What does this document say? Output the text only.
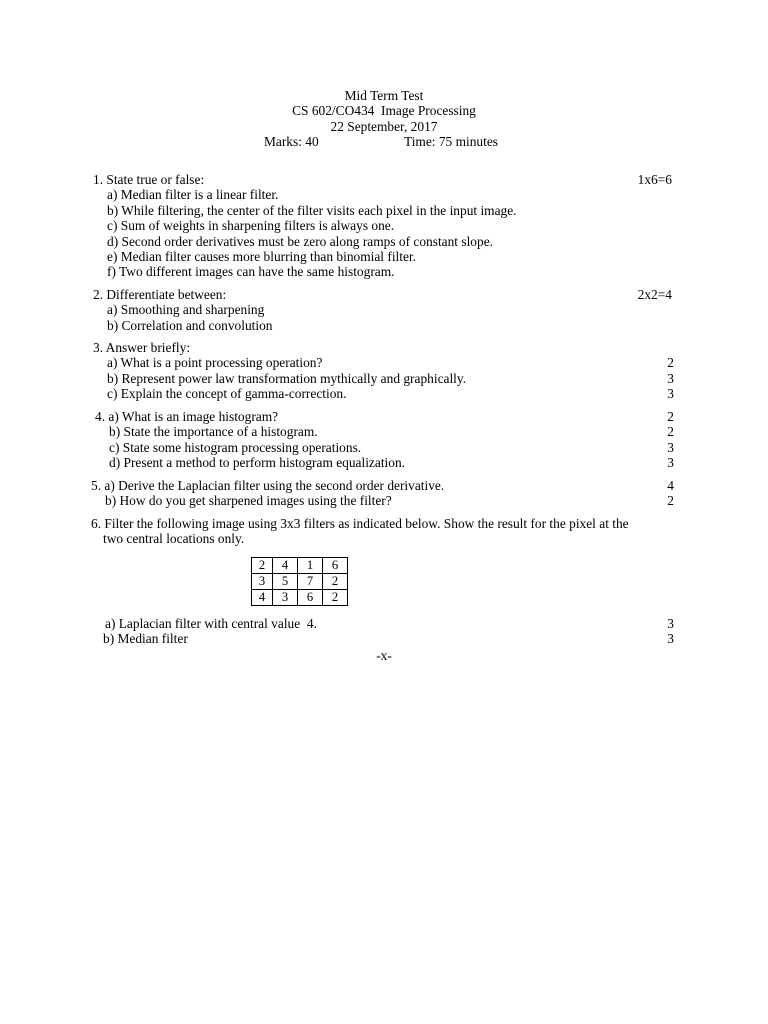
Mid Term Test
CS 602/CO434  Image Processing
22 September, 2017

Marks: 40

	Time: 75 minutes

1. State true or false:

	1x6=6

a) Median filter is a linear filter.
b) While filtering, the center of the filter visits each pixel in the input image.
c) Sum of weights in sharpening filters is always one.
d) Second order derivatives must be zero along ramps of constant slope.
e) Median filter causes more blurring than binomial filter.
f) Two different images can have the same histogram.

2. Differentiate between:

	2x2=4

a) Smoothing and sharpening
b) Correlation and convolution

3. Answer briefly:

a) What is a point processing operation?

	2

b) Represent power law transformation mythically and graphically.

	3

c) Explain the concept of gamma-correction.

	3

4. a) What is an image histogram?

	2

b) State the importance of a histogram.

	2

c) State some histogram processing operations.

	3

d) Present a method to perform histogram equalization.

	3

5. a) Derive the Laplacian filter using the second order derivative.

	4

b) How do you get sharpened images using the filter?

	2

6. Filter the following image using 3x3 filters as indicated below. Show the result for the pixel at the

two central locations only.

2	4	1	6
3	5	7	2
4	3	6	2

a) Laplacian filter with central value  4.

	3

b) Median filter

	3

-x-
